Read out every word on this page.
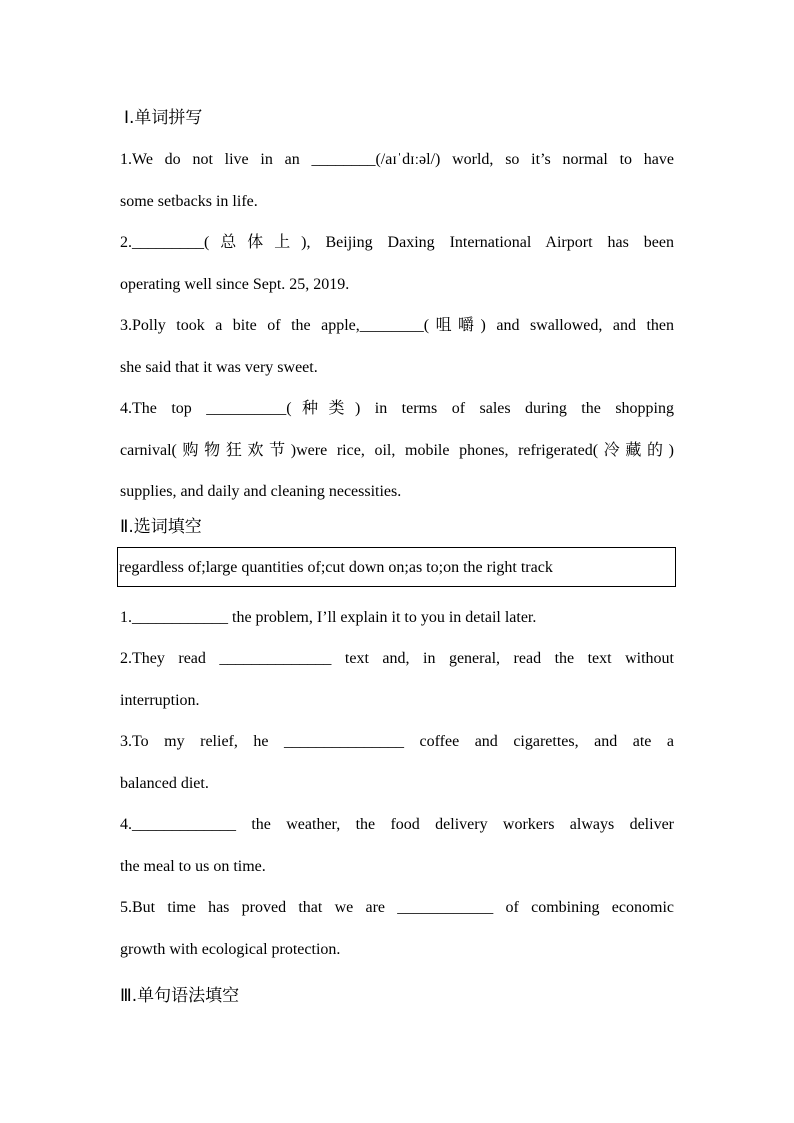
Ⅰ.单词拼写

1.We do not live in an ________(/aɪˈdɪːəl/) world, so it’s normal to have
some setbacks in life.
2._________(总体上), Beijing Daxing International Airport has been
operating well since Sept. 25, 2019.
3.Polly took a bite of the apple,________(咀嚼) and swallowed, and then
she said that it was very sweet.
4.The top __________(种类) in terms of sales during the shopping
carnival(购物狂欢节)were rice, oil, mobile phones, refrigerated(冷藏的)
supplies, and daily and cleaning necessities.

Ⅱ.选词填空

regardless of;large quantities of;cut down on;as to;on the right track
1.____________ the problem, I’ll explain it to you in detail later.
2.They read ______________ text and, in general, read the text without
interruption.
3.To my relief, he _______________ coffee and cigarettes, and ate a
balanced diet.
4._____________ the weather, the food delivery workers always deliver
the meal to us on time.
5.But time has proved that we are ____________ of combining economic
growth with ecological protection.

Ⅲ.单句语法填空
